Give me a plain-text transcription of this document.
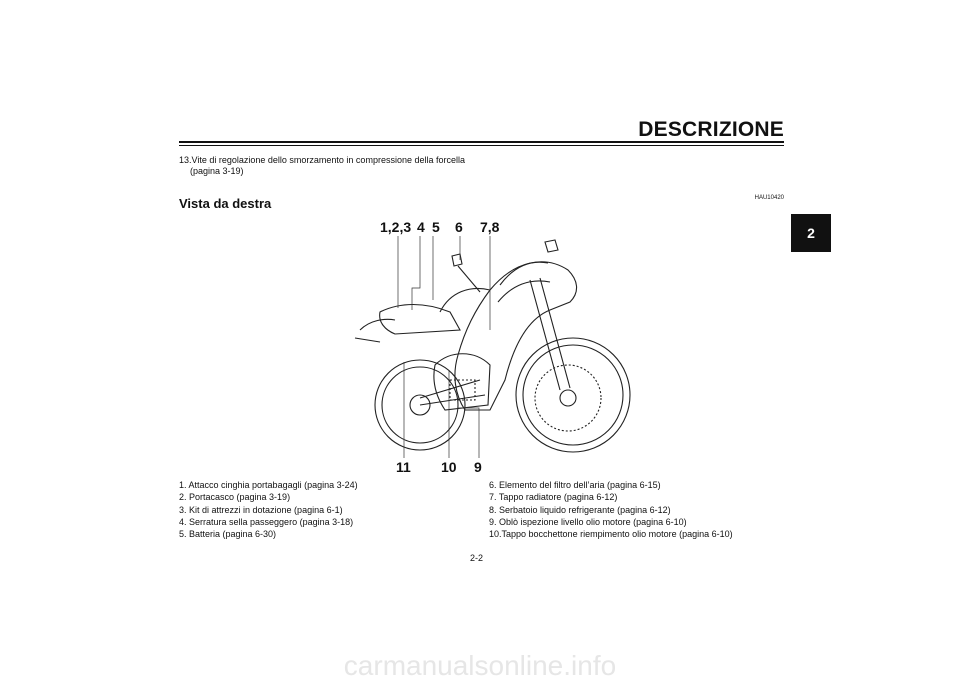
DESCRIZIONE
2
13.Vite di regolazione dello smorzamento in compressione della forcella
(pagina 3-19)
HAU10420
Vista da destra
1,2,3 4 5 6 7,8
11 10 9
1. Attacco cinghia portabagagli (pagina 3-24)
2. Portacasco (pagina 3-19)
3. Kit di attrezzi in dotazione (pagina 6-1)
4. Serratura sella passeggero (pagina 3-18)
5. Batteria (pagina 6-30)
6. Elemento del filtro dell’aria (pagina 6-15)
7. Tappo radiatore (pagina 6-12)
8. Serbatoio liquido refrigerante (pagina 6-12)
9. Oblò ispezione livello olio motore (pagina 6-10)
10.Tappo bocchettone riempimento olio motore (pagina 6-10)
2-2
carmanualsonline.info
